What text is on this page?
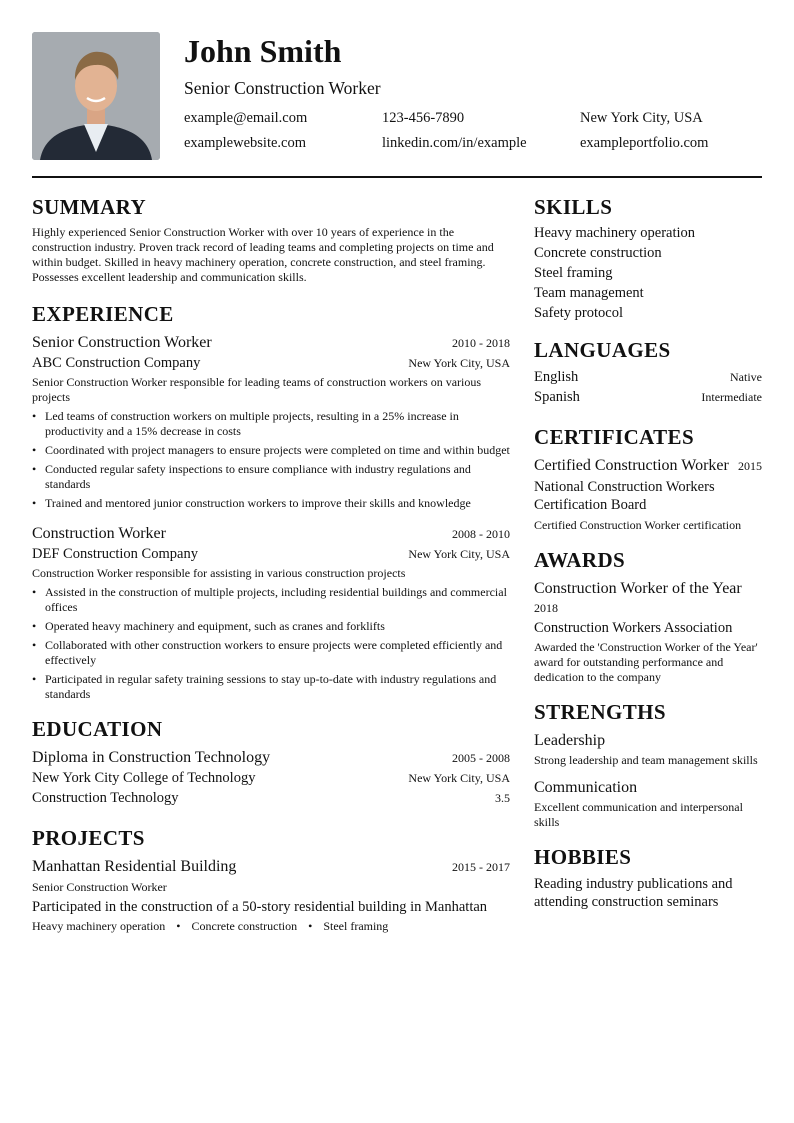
John Smith
Senior Construction Worker
example@email.com	123-456-7890	New York City, USA
examplewebsite.com	linkedin.com/in/example	exampleportfolio.com
SUMMARY
Highly experienced Senior Construction Worker with over 10 years of experience in the construction industry. Proven track record of leading teams and completing projects on time and within budget. Skilled in heavy machinery operation, concrete construction, and steel framing. Possesses excellent leadership and communication skills.
EXPERIENCE
Senior Construction Worker	2010 - 2018
ABC Construction Company	New York City, USA
Senior Construction Worker responsible for leading teams of construction workers on various projects
• Led teams of construction workers on multiple projects, resulting in a 25% increase in productivity and a 15% decrease in costs
• Coordinated with project managers to ensure projects were completed on time and within budget
• Conducted regular safety inspections to ensure compliance with industry regulations and standards
• Trained and mentored junior construction workers to improve their skills and knowledge
Construction Worker	2008 - 2010
DEF Construction Company	New York City, USA
Construction Worker responsible for assisting in various construction projects
• Assisted in the construction of multiple projects, including residential buildings and commercial offices
• Operated heavy machinery and equipment, such as cranes and forklifts
• Collaborated with other construction workers to ensure projects were completed efficiently and effectively
• Participated in regular safety training sessions to stay up-to-date with industry regulations and standards
EDUCATION
Diploma in Construction Technology	2005 - 2008
New York City College of Technology	New York City, USA
Construction Technology	3.5
PROJECTS
Manhattan Residential Building	2015 - 2017
Senior Construction Worker
Participated in the construction of a 50-story residential building in Manhattan
Heavy machinery operation • Concrete construction • Steel framing
SKILLS
Heavy machinery operation
Concrete construction
Steel framing
Team management
Safety protocol
LANGUAGES
English	Native
Spanish	Intermediate
CERTIFICATES
Certified Construction Worker 2015
National Construction Workers Certification Board
Certified Construction Worker certification
AWARDS
Construction Worker of the Year
2018
Construction Workers Association
Awarded the 'Construction Worker of the Year' award for outstanding performance and dedication to the company
STRENGTHS
Leadership
Strong leadership and team management skills
Communication
Excellent communication and interpersonal skills
HOBBIES
Reading industry publications and attending construction seminars
